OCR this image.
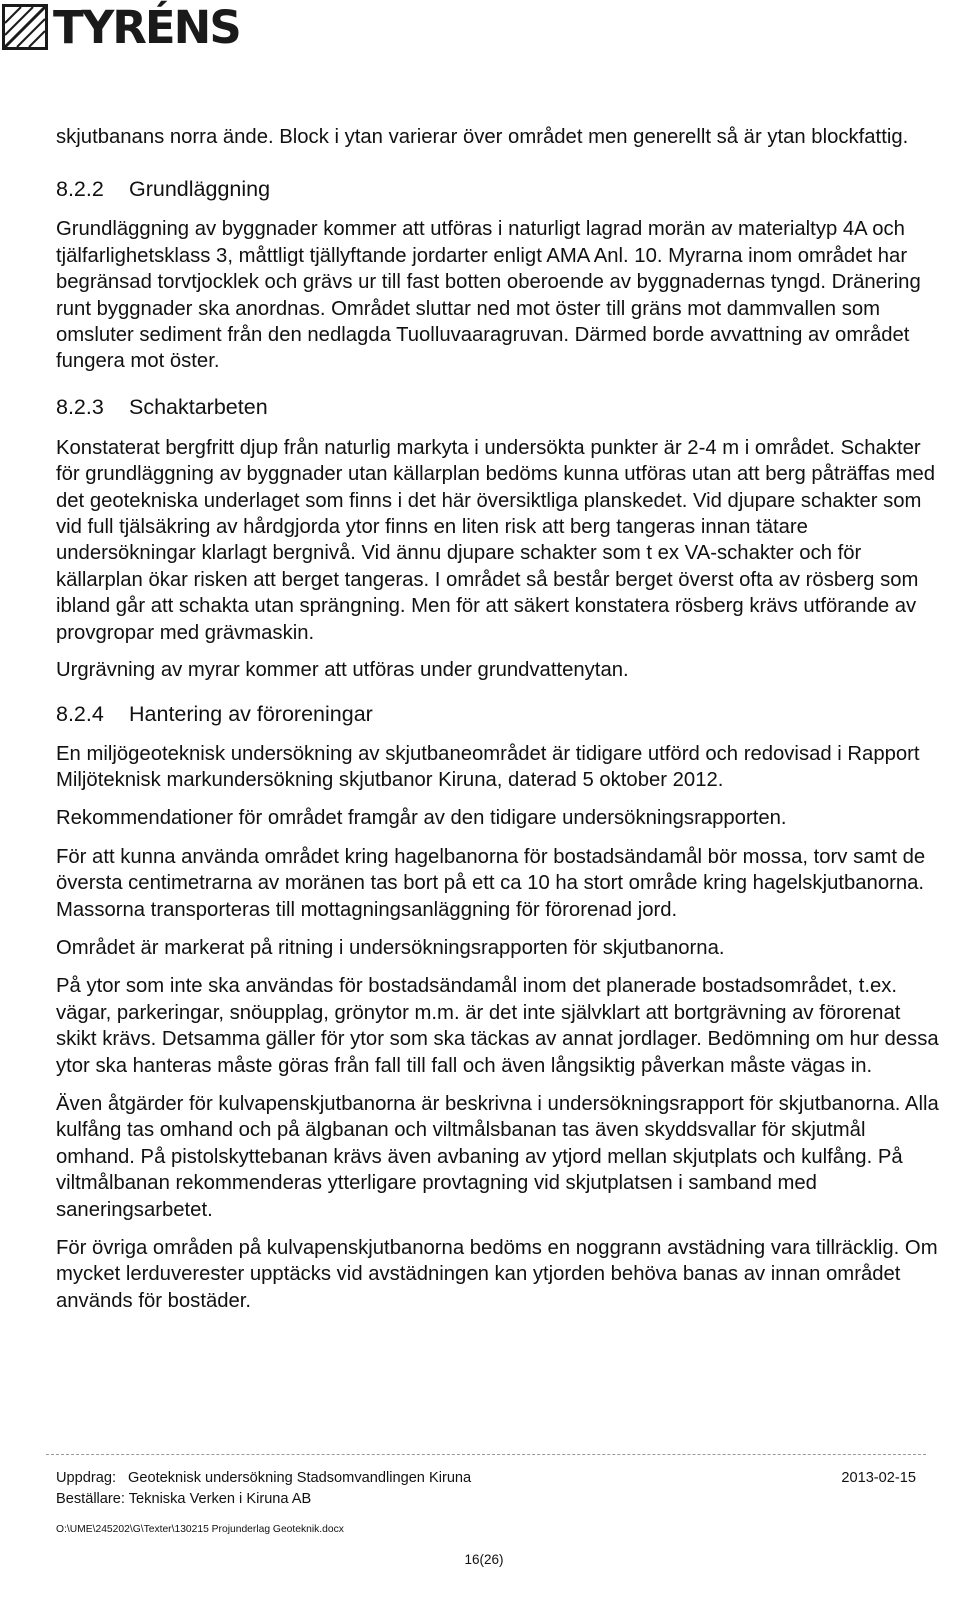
TYRÉNS

skjutbanans norra ände. Block i ytan varierar över området men generellt så är ytan blockfattig.

8.2.2	Grundläggning

Grundläggning av byggnader kommer att utföras i naturligt lagrad morän av materialtyp 4A och tjälfarlighetsklass 3, måttligt tjällyftande jordarter enligt AMA Anl. 10. Myrarna inom området har begränsad torvtjocklek och grävs ur till fast botten oberoende av byggnadernas tyngd. Dränering runt byggnader ska anordnas. Området sluttar ned mot öster till gräns mot dammvallen som omsluter sediment från den nedlagda Tuolluvaaragruvan. Därmed borde avvattning av området fungera mot öster.

8.2.3	Schaktarbeten

Konstaterat bergfritt djup från naturlig markyta i undersökta punkter är 2-4 m i området. Schakter för grundläggning av byggnader utan källarplan bedöms kunna utföras utan att berg påträffas med det geotekniska underlaget som finns i det här översiktliga planskedet. Vid djupare schakter som vid full tjälsäkring av hårdgjorda ytor finns en liten risk att berg tangeras innan tätare undersökningar klarlagt bergnivå. Vid ännu djupare schakter som t ex VA-schakter och för källarplan ökar risken att berget tangeras. I området så består berget överst ofta av rösberg som ibland går att schakta utan sprängning. Men för att säkert konstatera rösberg krävs utförande av provgropar med grävmaskin.

Urgrävning av myrar kommer att utföras under grundvattenytan.

8.2.4	Hantering av föroreningar

En miljögeoteknisk undersökning av skjutbaneområdet är tidigare utförd och redovisad i Rapport Miljöteknisk markundersökning skjutbanor Kiruna, daterad 5 oktober 2012.

Rekommendationer för området framgår av den tidigare undersökningsrapporten.

För att kunna använda området kring hagelbanorna för bostadsändamål bör mossa, torv samt de översta centimetrarna av moränen tas bort på ett ca 10 ha stort område kring hagelskjutbanorna. Massorna transporteras till mottagningsanläggning för förorenad jord.

Området är markerat på ritning i undersökningsrapporten för skjutbanorna.

På ytor som inte ska användas för bostadsändamål inom det planerade bostadsområdet, t.ex. vägar, parkeringar, snöupplag, grönytor m.m. är det inte självklart att bortgrävning av förorenat skikt krävs. Detsamma gäller för ytor som ska täckas av annat jordlager. Bedömning om hur dessa ytor ska hanteras måste göras från fall till fall och även långsiktig påverkan måste vägas in.

Även åtgärder för kulvapenskjutbanorna är beskrivna i undersökningsrapport för skjutbanorna. Alla kulfång tas omhand och på älgbanan och viltmålsbanan tas även skyddsvallar för skjutmål omhand. På pistolskyttebanan krävs även avbaning av ytjord mellan skjutplats och kulfång. På viltmålbanan rekommenderas ytterligare provtagning vid skjutplatsen i samband med saneringsarbetet.

För övriga områden på kulvapenskjutbanorna bedöms en noggrann avstädning vara tillräcklig. Om mycket lerduverester upptäcks vid avstädningen kan ytjorden behöva banas av innan området används för bostäder.

Uppdrag: Geoteknisk undersökning Stadsomvandlingen Kiruna	2013-02-15
Beställare: Tekniska Verken i Kiruna AB
O:\UME\245202\G\Texter\130215 Projunderlag Geoteknik.docx
16(26)
